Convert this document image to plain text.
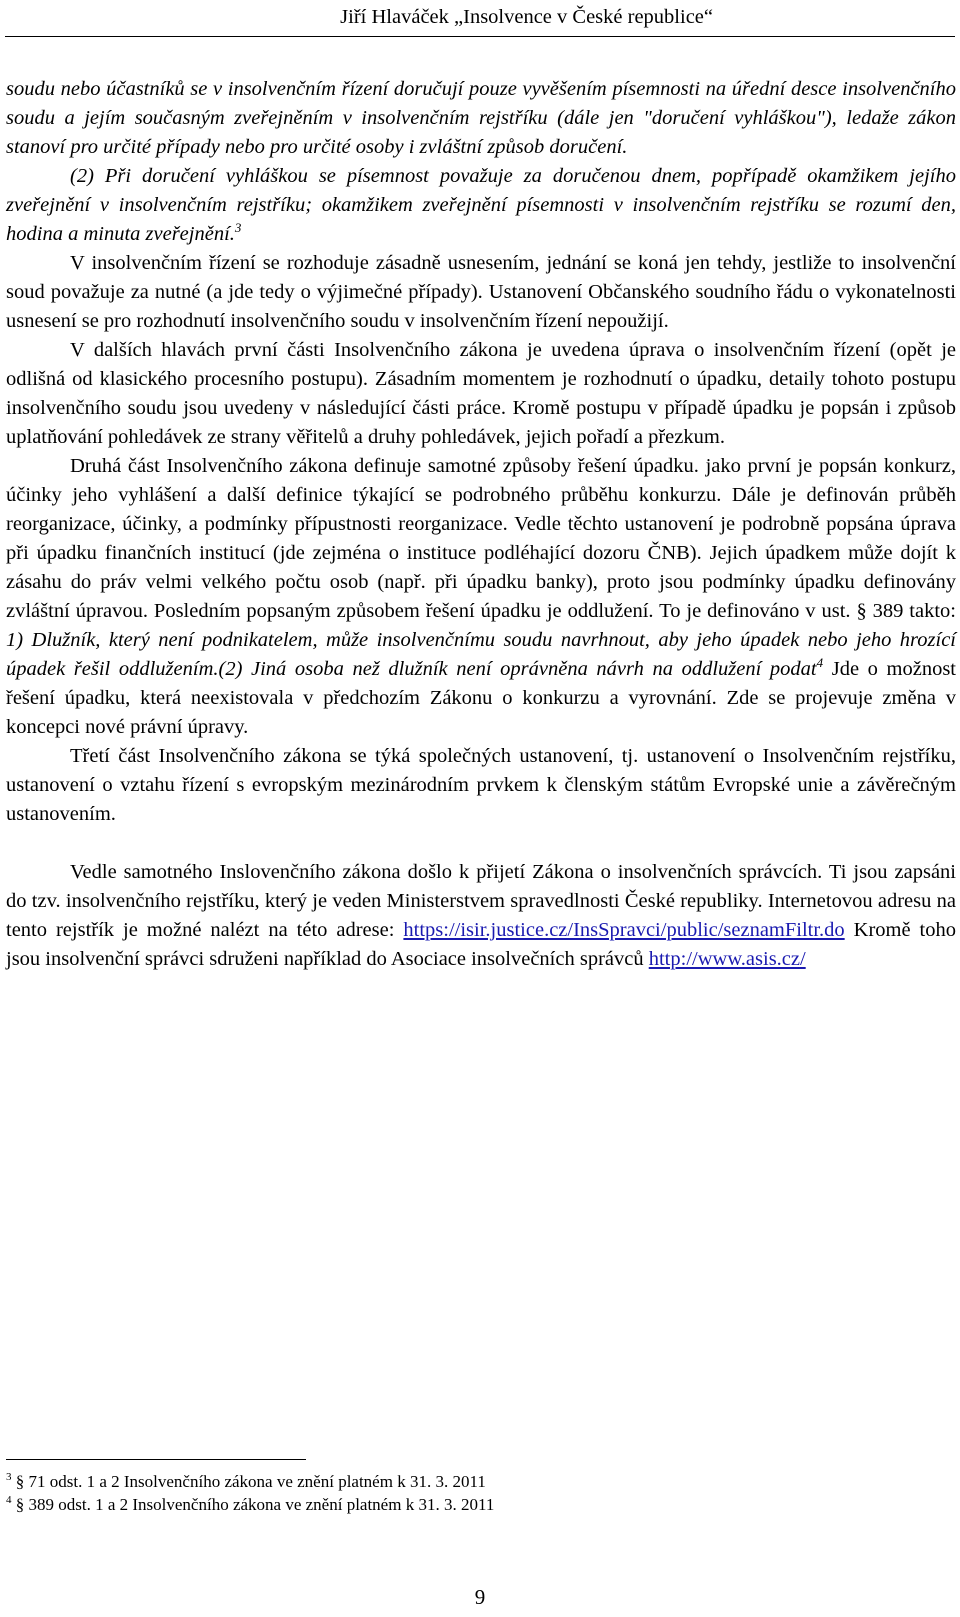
Jiří Hlaváček „Insolvence v České republice“

soudu nebo účastníků se v insolvenčním řízení doručují pouze vyvěšením písemnosti na úřední desce insolvenčního soudu a jejím současným zveřejněním v insolvenčním rejstříku (dále jen "doručení vyhláškou"), ledaže zákon stanoví pro určité případy nebo pro určité osoby i zvláštní způsob doručení.

(2) Při doručení vyhláškou se písemnost považuje za doručenou dnem, popřípadě okamžikem jejího zveřejnění v insolvenčním rejstříku; okamžikem zveřejnění písemnosti v insolvenčním rejstříku se rozumí den, hodina a minuta zveřejnění.$^3$

V insolvenčním řízení se rozhoduje zásadně usnesením, jednání se koná jen tehdy, jestliže to insolvenční soud považuje za nutné (a jde tedy o výjimečné případy). Ustanovení Občanského soudního řádu o vykonatelnosti usnesení se pro rozhodnutí insolvenčního soudu v insolvenčním řízení nepoužijí.

V dalších hlavách první části Insolvenčního zákona je uvedena úprava o insolvenčním řízení (opět je odlišná od klasického procesního postupu). Zásadním momentem je rozhodnutí o úpadku, detaily tohoto postupu insolvenčního soudu jsou uvedeny v následující části práce. Kromě postupu v případě úpadku je popsán i způsob uplatňování pohledávek ze strany věřitelů a druhy pohledávek, jejich pořadí a přezkum.

Druhá část Insolvenčního zákona definuje samotné způsoby řešení úpadku. jako první je popsán konkurz, účinky jeho vyhlášení a další definice týkající se podrobného průběhu konkurzu. Dále je definován průběh reorganizace, účinky, a podmínky přípustnosti reorganizace. Vedle těchto ustanovení je podrobně popsána úprava při úpadku finančních institucí (jde zejména o instituce podléhající dozoru ČNB). Jejich úpadkem může dojít k zásahu do práv velmi velkého počtu osob (např. při úpadku banky), proto jsou podmínky úpadku definovány zvláštní úpravou. Posledním popsaným způsobem řešení úpadku je oddlužení. To je definováno v ust. § 389 takto: 1) Dlužník, který není podnikatelem, může insolvenčnímu soudu navrhnout, aby jeho úpadek nebo jeho hrozící úpadek řešil oddlužením.(2) Jiná osoba než dlužník není oprávněna návrh na oddlužení podat$^4$ Jde o možnost řešení úpadku, která neexistovala v předchozím Zákonu o konkurzu a vyrovnání. Zde se projevuje změna v koncepci nové právní úpravy.

Třetí část Insolvenčního zákona se týká společných ustanovení, tj. ustanovení o Insolvenčním rejstříku, ustanovení o vztahu řízení s evropským mezinárodním prvkem k členským státům Evropské unie a závěrečným ustanovením.

Vedle samotného Inslovenčního zákona došlo k přijetí Zákona o insolvenčních správcích. Ti jsou zapsáni do tzv. insolvenčního rejstříku, který je veden Ministerstvem spravedlnosti České republiky. Internetovou adresu na tento rejstřík je možné nalézt na této adrese: https://isir.justice.cz/InsSpravci/public/seznamFiltr.do Kromě toho jsou insolvenční správci sdruženi například do Asociace insolvečních správců http://www.asis.cz/

$^3$ § 71 odst. 1 a 2 Insolvenčního zákona ve znění platném k 31. 3. 2011

$^4$ § 389 odst. 1 a 2 Insolvenčního zákona ve znění platném k 31. 3. 2011

9
